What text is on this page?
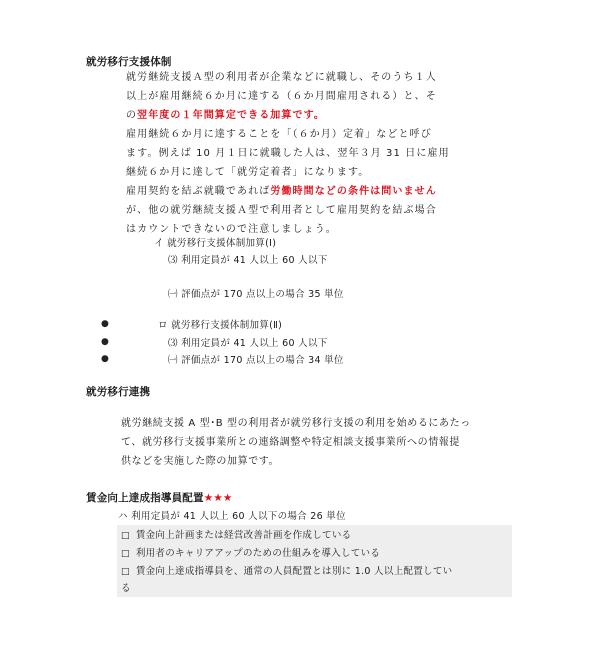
就労移行支援体制
就労継続支援Ａ型の利用者が企業などに就職し、そのうち１人
以上が雇用継続６か月に達する（６か月間雇用される）と、そ
の翌年度の１年間算定できる加算です。
雇用継続６か月に達することを「（６か月）定着」などと呼び
ます。例えば 10 月１日に就職した人は、翌年３月 31 日に雇用
継続６か月に達して「就労定着者」になります。
雇用契約を結ぶ就職であれば労働時間などの条件は問いません
が、他の就労継続支援Ａ型で利用者として雇用契約を結ぶ場合
はカウントできないので注意しましょう。
イ 就労移行支援体制加算(Ⅰ)
⑶ 利用定員が 41 人以上 60 人以下
㈠ 評価点が 170 点以上の場合 35 単位
●
●
●
ロ 就労移行支援体制加算(Ⅱ)
⑶ 利用定員が 41 人以上 60 人以下
㈠ 評価点が 170 点以上の場合 34 単位
就労移行連携
就労継続支援 A 型･B 型の利用者が就労移行支援の利用を始めるにあたっ
て、就労移行支援事業所との連絡調整や特定相談支援事業所への情報提
供などを実施した際の加算です。
賃金向上達成指導員配置★★★
ハ 利用定員が 41 人以上 60 人以下の場合 26 単位
□ 賃金向上計画または経営改善計画を作成している
□ 利用者のキャリアアップのための仕組みを導入している
□ 賃金向上達成指導員を、通常の人員配置とは別に 1.0 人以上配置してい
る
